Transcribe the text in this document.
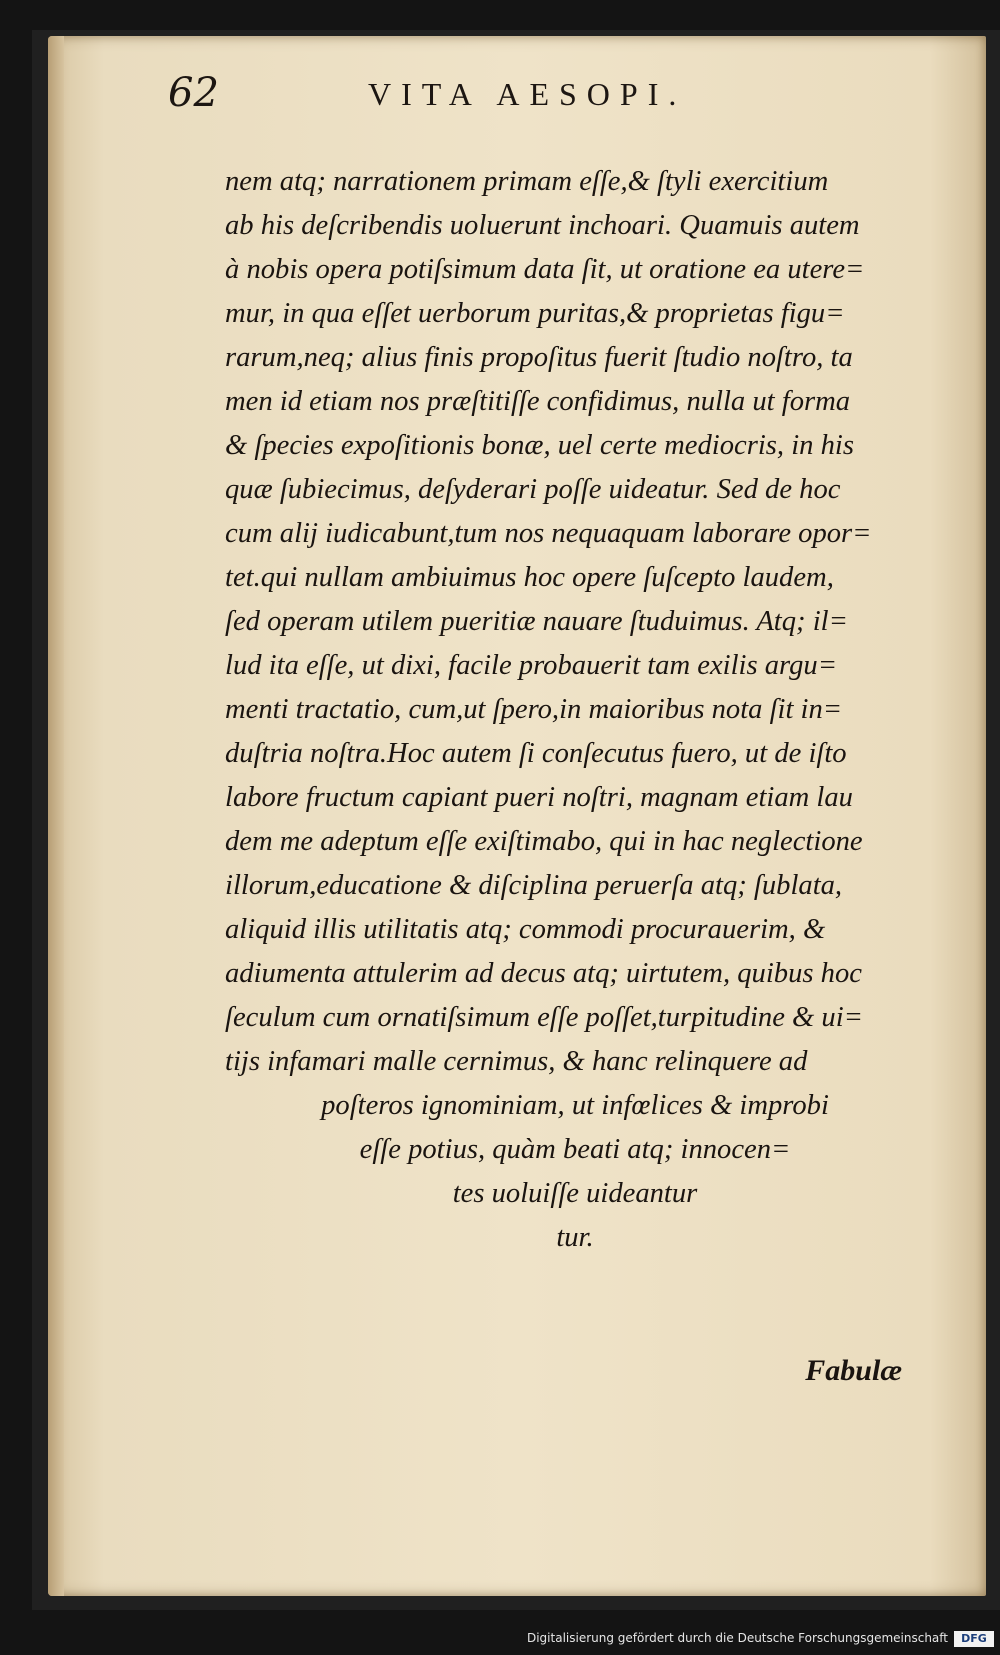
62	VITA AESOPI.
nem atq; narrationem primam eſſe,& ſtyli exercitium
ab his deſcribendis uoluerunt inchoari. Quamuis autem
à nobis opera potiſsimum data ſit, ut oratione ea utere=
mur, in qua eſſet uerborum puritas,& proprietas figu=
rarum,neq; alius finis propoſitus fuerit ſtudio noſtro, ta
men id etiam nos præſtitiſſe confidimus, nulla ut forma
& ſpecies expoſitionis bonæ, uel certe mediocris, in his
quæ ſubiecimus, deſyderari poſſe uideatur. Sed de hoc
cum alij iudicabunt,tum nos nequaquam laborare opor=
tet.qui nullam ambiuimus hoc opere ſuſcepto laudem,
ſed operam utilem pueritiæ nauare ſtuduimus. Atq; il=
lud ita eſſe, ut dixi, facile probauerit tam exilis argu=
menti tractatio, cum,ut ſpero,in maioribus nota ſit in=
duſtria noſtra.Hoc autem ſi conſecutus fuero, ut de iſto
labore fructum capiant pueri noſtri, magnam etiam lau
dem me adeptum eſſe exiſtimabo, qui in hac neglectione
illorum,educatione & diſciplina peruerſa atq; ſublata,
aliquid illis utilitatis atq; commodi procurauerim, &
adiumenta attulerim ad decus atq; uirtutem, quibus hoc
ſeculum cum ornatiſsimum eſſe poſſet,turpitudine & ui=
tijs infamari malle cernimus, & hanc relinquere ad
poſteros ignominiam, ut infœlices & improbi
eſſe potius, quàm beati atq; innocen=
tes uoluiſſe uideantur
tur.
Fabulæ
Digitalisierung gefördert durch die Deutsche Forschungsgemeinschaft	DFG
